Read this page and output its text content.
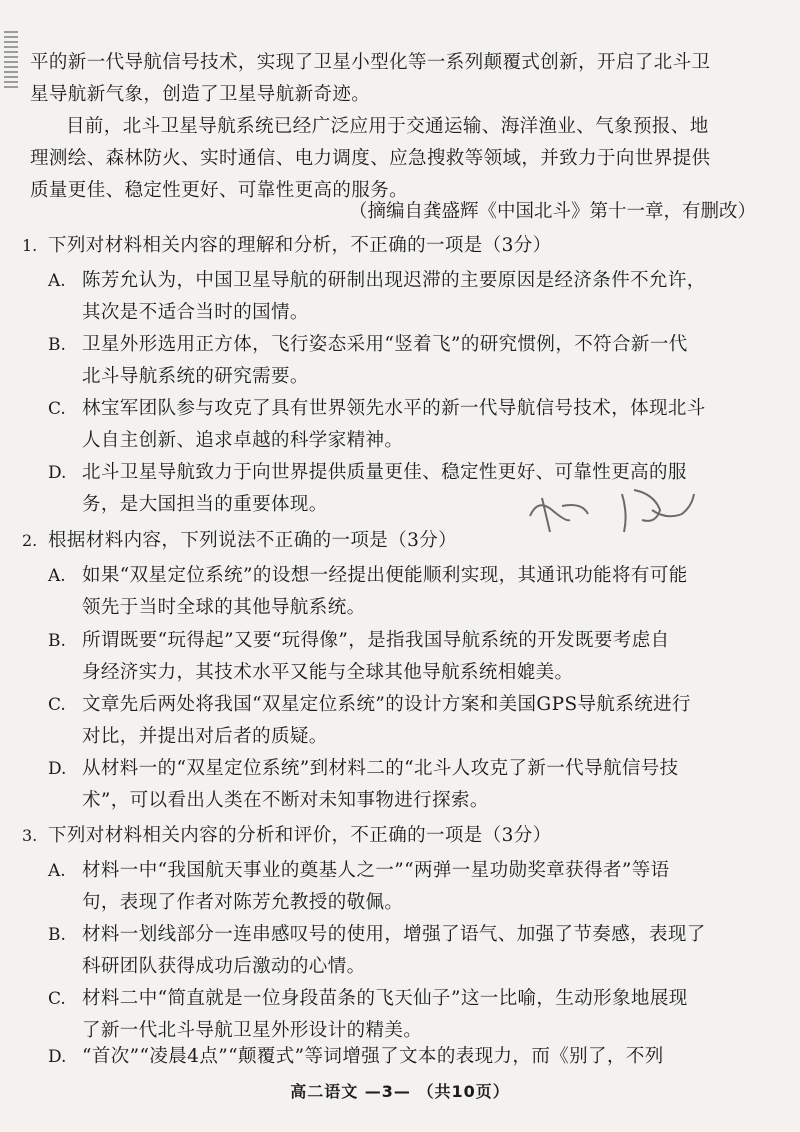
平的新一代导航信号技术，实现了卫星小型化等一系列颠覆式创新，开启了北斗卫
星导航新气象，创造了卫星导航新奇迹。
目前，北斗卫星导航系统已经广泛应用于交通运输、海洋渔业、气象预报、地
理测绘、森林防火、实时通信、电力调度、应急搜救等领域，并致力于向世界提供
质量更佳、稳定性更好、可靠性更高的服务。
（摘编自龚盛辉《中国北斗》第十一章，有删改）
1. 下列对材料相关内容的理解和分析，不正确的一项是（3分）
A. 陈芳允认为，中国卫星导航的研制出现迟滞的主要原因是经济条件不允许，
其次是不适合当时的国情。
B. 卫星外形选用正方体，飞行姿态采用“竖着飞”的研究惯例，不符合新一代
北斗导航系统的研究需要。
C. 林宝军团队参与攻克了具有世界领先水平的新一代导航信号技术，体现北斗
人自主创新、追求卓越的科学家精神。
D. 北斗卫星导航致力于向世界提供质量更佳、稳定性更好、可靠性更高的服
务，是大国担当的重要体现。
2. 根据材料内容，下列说法不正确的一项是（3分）
A. 如果“双星定位系统”的设想一经提出便能顺利实现，其通讯功能将有可能
领先于当时全球的其他导航系统。
B. 所谓既要“玩得起”又要“玩得像”，是指我国导航系统的开发既要考虑自
身经济实力，其技术水平又能与全球其他导航系统相媲美。
C. 文章先后两处将我国“双星定位系统”的设计方案和美国GPS导航系统进行
对比，并提出对后者的质疑。
D. 从材料一的“双星定位系统”到材料二的“北斗人攻克了新一代导航信号技
术”，可以看出人类在不断对未知事物进行探索。
3. 下列对材料相关内容的分析和评价，不正确的一项是（3分）
A. 材料一中“我国航天事业的奠基人之一”“两弹一星功勋奖章获得者”等语
句，表现了作者对陈芳允教授的敬佩。
B. 材料一划线部分一连串感叹号的使用，增强了语气、加强了节奏感，表现了
科研团队获得成功后激动的心情。
C. 材料二中“简直就是一位身段苗条的飞天仙子”这一比喻，生动形象地展现
了新一代北斗导航卫星外形设计的精美。
D. “首次”“凌晨4点”“颠覆式”等词增强了文本的表现力，而《别了，不列
高二语文 —3— （共10页）
